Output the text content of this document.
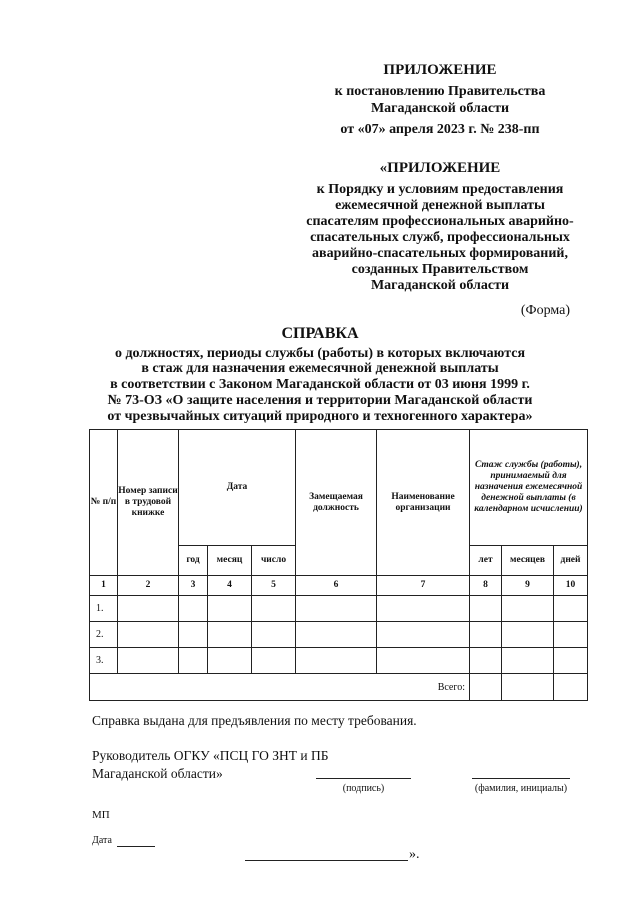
ПРИЛОЖЕНИЕ
к постановлению Правительства
Магаданской области
от «07» апреля 2023 г. № 238-пп
«ПРИЛОЖЕНИЕ
к Порядку и условиям предоставления
ежемесячной денежной выплаты
спасателям профессиональных аварийно-
спасательных служб, профессиональных
аварийно-спасательных формирований,
созданных Правительством
Магаданской области
(Форма)
СПРАВКА
о должностях, периоды службы (работы) в которых включаются
в стаж для назначения ежемесячной денежной выплаты
в соответствии с Законом Магаданской области от 03 июня 1999 г.
№ 73-ОЗ «О защите населения и территории Магаданской области
от чрезвычайных ситуаций природного и техногенного характера»
№ п/п	Номер записи в трудовой книжке	Дата			Замещаемая должность	Наименование организации	Стаж службы (работы), принимаемый для назначения ежемесячной денежной выплаты (в календарном исчислении)		
		год	месяц	число			лет	месяцев	дней
1	2	3	4	5	6	7	8	9	10
1.									
2.									
3.									
Всего:									
Справка выдана для предъявления по месту требования.
Руководитель ОГКУ «ПСЦ ГО ЗНТ и ПБ
Магаданской области»
(подпись)	(фамилия, инициалы)
МП
Дата
».
